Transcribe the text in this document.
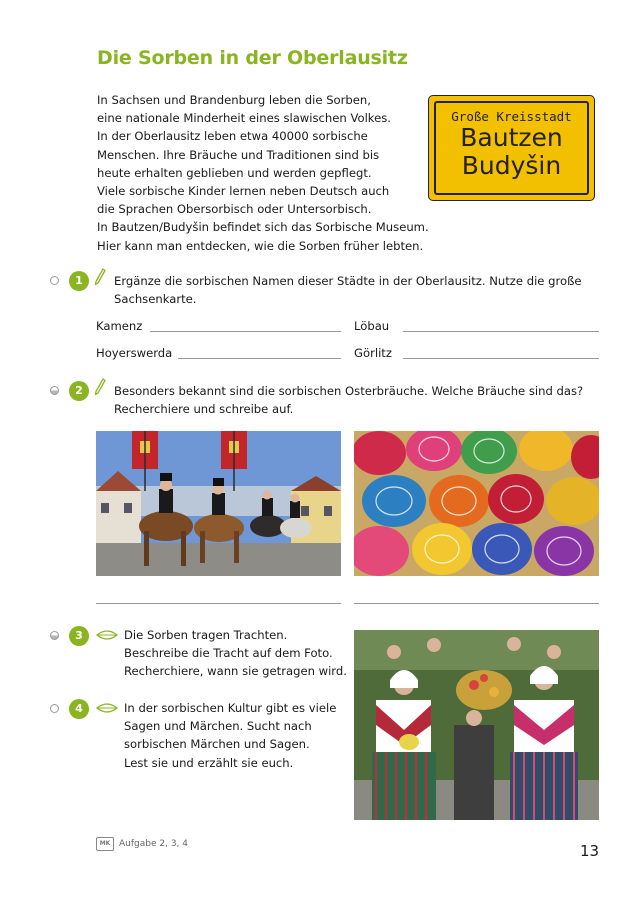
Die Sorben in der Oberlausitz
In Sachsen und Brandenburg leben die Sorben,
eine nationale Minderheit eines slawischen Volkes.
In der Oberlausitz leben etwa 40000 sorbische
Menschen. Ihre Bräuche und Traditionen sind bis
heute erhalten geblieben und werden gepflegt.
Viele sorbische Kinder lernen neben Deutsch auch
die Sprachen Obersorbisch oder Untersorbisch.
In Bautzen/Budyšin befindet sich das Sorbische Museum.
Hier kann man entdecken, wie die Sorben früher lebten.
Große Kreisstadt
Bautzen
Budyšin
1	Ergänze die sorbischen Namen dieser Städte in der Oberlausitz. Nutze die große
Sachsenkarte.
Kamenz	Löbau
Hoyerswerda	Görlitz
2	Besonders bekannt sind die sorbischen Osterbräuche. Welche Bräuche sind das?
Recherchiere und schreibe auf.
3	Die Sorben tragen Trachten.
Beschreibe die Tracht auf dem Foto.
Recherchiere, wann sie getragen wird.
4	In der sorbischen Kultur gibt es viele
Sagen und Märchen. Sucht nach
sorbischen Märchen und Sagen.
Lest sie und erzählt sie euch.
MK Aufgabe 2, 3, 4	13
